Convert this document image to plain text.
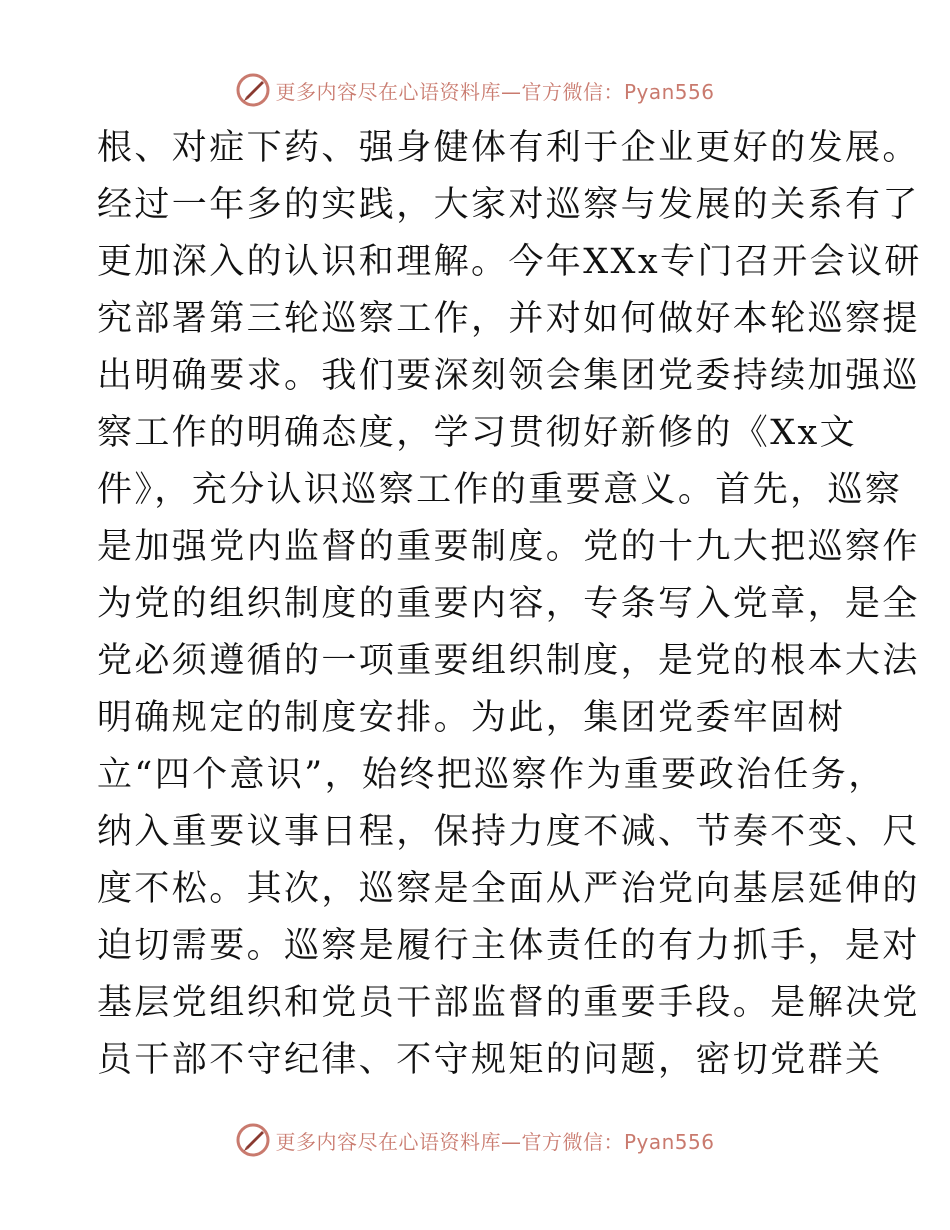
更多内容尽在心语资料库—官方微信：Pyan556
根、对症下药、强身健体有利于企业更好的发展。
经过一年多的实践，大家对巡察与发展的关系有了
更加深入的认识和理解。今年XXx专门召开会议研
究部署第三轮巡察工作，并对如何做好本轮巡察提
出明确要求。我们要深刻领会集团党委持续加强巡
察工作的明确态度，学习贯彻好新修的《Xx文
件》，充分认识巡察工作的重要意义。首先，巡察
是加强党内监督的重要制度。党的十九大把巡察作
为党的组织制度的重要内容，专条写入党章，是全
党必须遵循的一项重要组织制度，是党的根本大法
明确规定的制度安排。为此，集团党委牢固树
立“四个意识”，始终把巡察作为重要政治任务，
纳入重要议事日程，保持力度不减、节奏不变、尺
度不松。其次，巡察是全面从严治党向基层延伸的
迫切需要。巡察是履行主体责任的有力抓手，是对
基层党组织和党员干部监督的重要手段。是解决党
员干部不守纪律、不守规矩的问题，密切党群关
更多内容尽在心语资料库—官方微信：Pyan556
